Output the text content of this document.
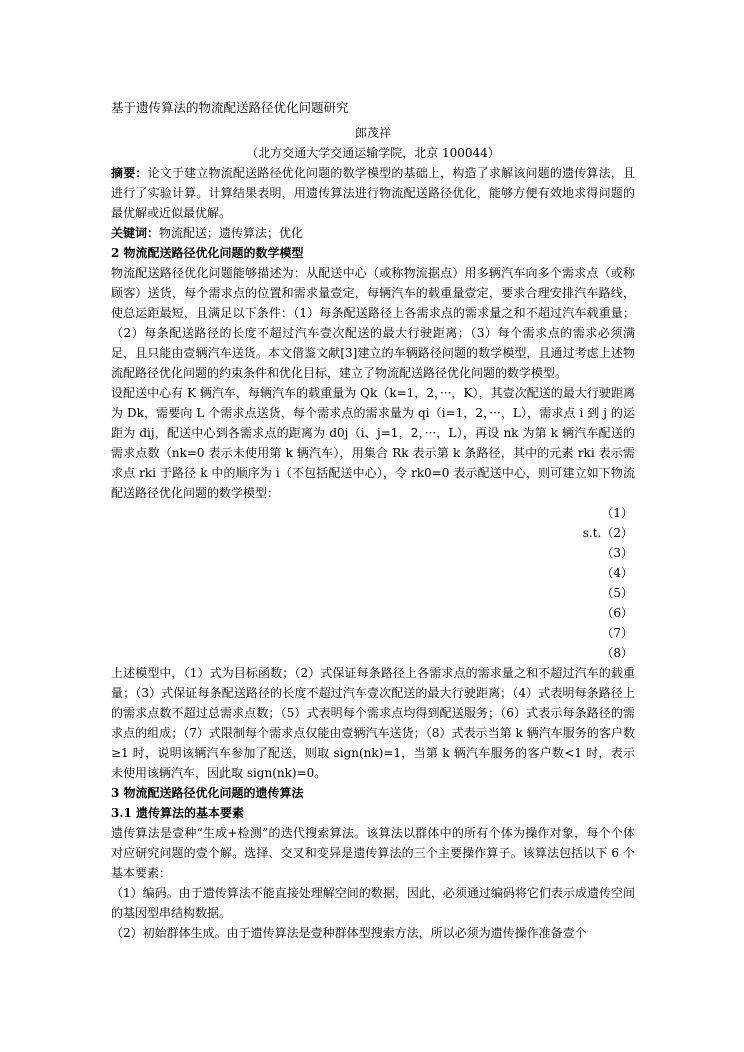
基于遗传算法的物流配送路径优化问题研究
郎茂祥
（北方交通大学交通运输学院，北京 100044）

摘要：论文于建立物流配送路径优化问题的数学模型的基础上，构造了求解该问题的遗传算法，且进行了实验计算。计算结果表明，用遗传算法进行物流配送路径优化，能够方便有效地求得问题的最优解或近似最优解。

关键词：物流配送；遗传算法；优化

2 物流配送路径优化问题的数学模型

物流配送路径优化问题能够描述为：从配送中心（或称物流据点）用多辆汽车向多个需求点（或称顾客）送货，每个需求点的位置和需求量壹定，每辆汽车的载重量壹定，要求合理安排汽车路线，使总运距最短，且满足以下条件：（1）每条配送路径上各需求点的需求量之和不超过汽车载重量；（2）每条配送路径的长度不超过汽车壹次配送的最大行驶距离；（3）每个需求点的需求必须满足，且只能由壹辆汽车送货。本文借鉴文献[3]建立的车辆路径问题的数学模型，且通过考虑上述物流配路径优化问题的约束条件和优化目标，建立了物流配送路径优化问题的数学模型。

设配送中心有 K 辆汽车，每辆汽车的载重量为 Qk（k=1，2，···，K），其壹次配送的最大行驶距离为 Dk，需要向 L 个需求点送货，每个需求点的需求量为 qi（i=1，2，···，L），需求点 i 到 j 的运距为 dij，配送中心到各需求点的距离为 d0j（i、j=1，2，···，L），再设 nk 为第 k 辆汽车配送的需求点数（nk=0 表示未使用第 k 辆汽车），用集合 Rk 表示第 k 条路径，其中的元素 rki 表示需求点 rki 于路径 k 中的顺序为 i（不包括配送中心），令 rk0=0 表示配送中心，则可建立如下物流配送路径优化问题的数学模型：

（1）
s.t.（2）
（3）
（4）
（5）
（6）
（7）
（8）

上述模型中，（1）式为目标函数；（2）式保证每条路径上各需求点的需求量之和不超过汽车的载重量；（3）式保证每条配送路径的长度不超过汽车壹次配送的最大行驶距离；（4）式表明每条路径上的需求点数不超过总需求点数；（5）式表明每个需求点均得到配送服务；（6）式表示每条路径的需求点的组成；（7）式限制每个需求点仅能由壹辆汽车送货；（8）式表示当第 k 辆汽车服务的客户数≥1 时，说明该辆汽车参加了配送，则取 sign(nk)=1，当第 k 辆汽车服务的客户数<1 时，表示未使用该辆汽车，因此取 sign(nk)=0。

3 物流配送路径优化问题的遗传算法
3.1 遗传算法的基本要素

遗传算法是壹种“生成+检测”的迭代搜索算法。该算法以群体中的所有个体为操作对象，每个个体对应研究问题的壹个解。选择、交叉和变异是遗传算法的三个主要操作算子。该算法包括以下 6 个基本要素：

（1）编码。由于遗传算法不能直接处理解空间的数据，因此，必须通过编码将它们表示成遗传空间的基因型串结构数据。

（2）初始群体生成。由于遗传算法是壹种群体型搜索方法，所以必须为遗传操作准备壹个
